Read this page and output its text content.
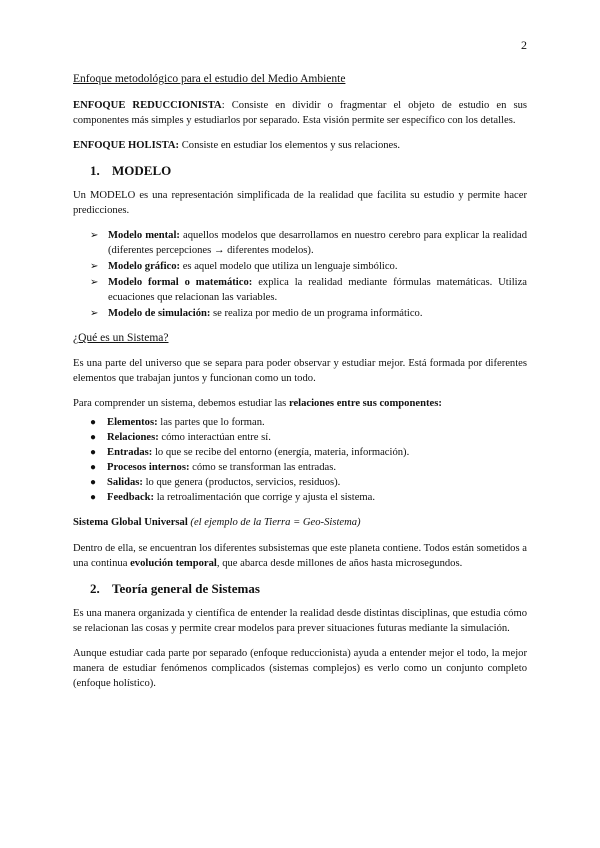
2

Enfoque metodológico para el estudio del Medio Ambiente

ENFOQUE REDUCCIONISTA: Consiste en dividir o fragmentar el objeto de estudio en sus componentes más simples y estudiarlos por separado. Esta visión permite ser específico con los detalles.

ENFOQUE HOLISTA: Consiste en estudiar los elementos y sus relaciones.

1. MODELO

Un MODELO es una representación simplificada de la realidad que facilita su estudio y permite hacer predicciones.

➢ Modelo mental: aquellos modelos que desarrollamos en nuestro cerebro para explicar la realidad (diferentes percepciones → diferentes modelos).
➢ Modelo gráfico: es aquel modelo que utiliza un lenguaje simbólico.
➢ Modelo formal o matemático: explica la realidad mediante fórmulas matemáticas. Utiliza ecuaciones que relacionan las variables.
➢ Modelo de simulación: se realiza por medio de un programa informático.

¿Qué es un Sistema?

Es una parte del universo que se separa para poder observar y estudiar mejor. Está formada por diferentes elementos que trabajan juntos y funcionan como un todo.

Para comprender un sistema, debemos estudiar las relaciones entre sus componentes:

●	Elementos: las partes que lo forman.
●	Relaciones: cómo interactúan entre sí.
●	Entradas: lo que se recibe del entorno (energía, materia, información).
●	Procesos internos: cómo se transforman las entradas.
●	Salidas: lo que genera (productos, servicios, residuos).
●	Feedback: la retroalimentación que corrige y ajusta el sistema.

Sistema Global Universal (el ejemplo de la Tierra = Geo-Sistema)

Dentro de ella, se encuentran los diferentes subsistemas que este planeta contiene. Todos están sometidos a una continua evolución temporal, que abarca desde millones de años hasta microsegundos.

2. Teoría general de Sistemas

Es una manera organizada y científica de entender la realidad desde distintas disciplinas, que estudia cómo se relacionan las cosas y permite crear modelos para prever situaciones futuras mediante la simulación.

Aunque estudiar cada parte por separado (enfoque reduccionista) ayuda a entender mejor el todo, la mejor manera de estudiar fenómenos complicados (sistemas complejos) es verlo como un conjunto completo (enfoque holístico).
